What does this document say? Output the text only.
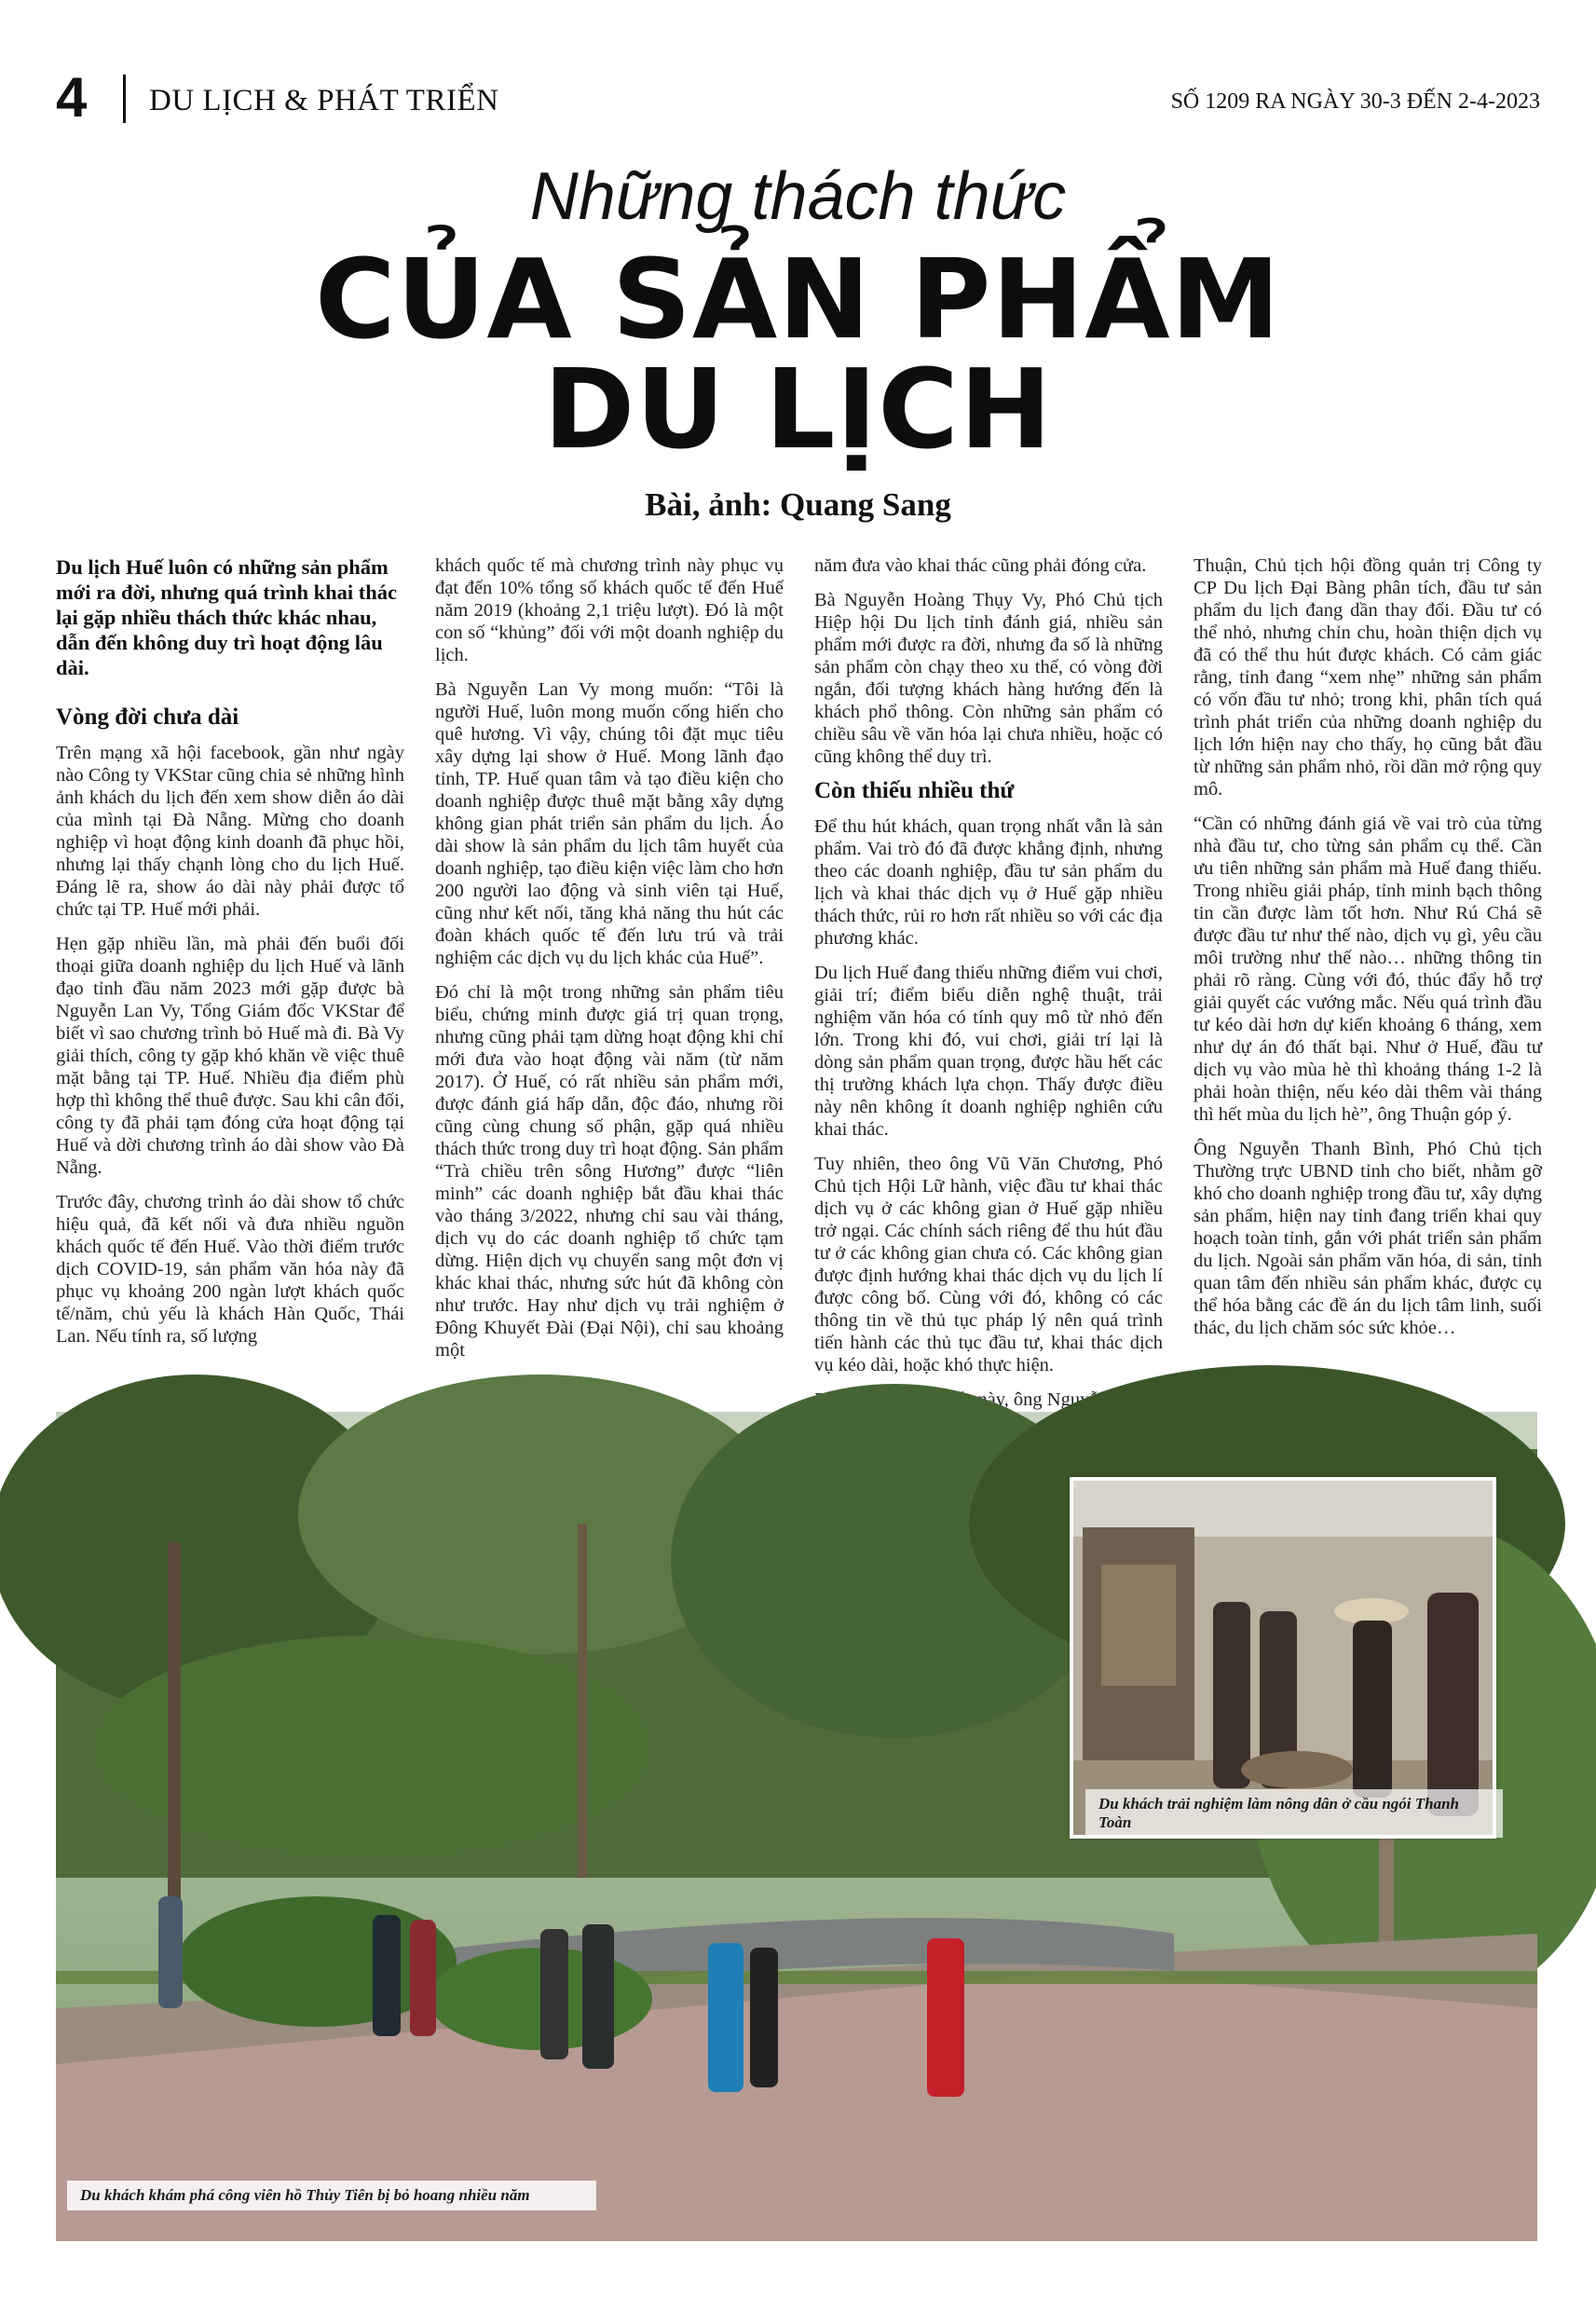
4 DU LỊCH & PHÁT TRIỂN	SỐ 1209 RA NGÀY 30-3 ĐẾN 2-4-2023
Những thách thức
CỦA SẢN PHẨM
DU LỊCH
Bài, ảnh: Quang Sang

Du lịch Huế luôn có những sản phẩm mới ra đời, nhưng quá trình khai thác lại gặp nhiều thách thức khác nhau, dẫn đến không duy trì hoạt động lâu dài.

Vòng đời chưa dài

Trên mạng xã hội facebook, gần như ngày nào Công ty VKStar cũng chia sẻ những hình ảnh khách du lịch đến xem show diễn áo dài của mình tại Đà Nẵng. Mừng cho doanh nghiệp vì hoạt động kinh doanh đã phục hồi, nhưng lại thấy chạnh lòng cho du lịch Huế. Đáng lẽ ra, show áo dài này phải được tổ chức tại TP. Huế mới phải.

Hẹn gặp nhiều lần, mà phải đến buổi đối thoại giữa doanh nghiệp du lịch Huế và lãnh đạo tỉnh đầu năm 2023 mới gặp được bà Nguyễn Lan Vy, Tổng Giám đốc VKStar để biết vì sao chương trình bỏ Huế mà đi. Bà Vy giải thích, công ty gặp khó khăn về việc thuê mặt bằng tại TP. Huế. Nhiều địa điểm phù hợp thì không thể thuê được. Sau khi cân đối, công ty đã phải tạm đóng cửa hoạt động tại Huế và dời chương trình áo dài show vào Đà Nẵng.

Trước đây, chương trình áo dài show tổ chức hiệu quả, đã kết nối và đưa nhiều nguồn khách quốc tế đến Huế. Vào thời điểm trước dịch COVID-19, sản phẩm văn hóa này đã phục vụ khoảng 200 ngàn lượt khách quốc tế/năm, chủ yếu là khách Hàn Quốc, Thái Lan. Nếu tính ra, số lượng

khách quốc tế mà chương trình này phục vụ đạt đến 10% tổng số khách quốc tế đến Huế năm 2019 (khoảng 2,1 triệu lượt). Đó là một con số “khủng” đối với một doanh nghiệp du lịch.

Bà Nguyễn Lan Vy mong muốn: “Tôi là người Huế, luôn mong muốn cống hiến cho quê hương. Vì vậy, chúng tôi đặt mục tiêu xây dựng lại show ở Huế. Mong lãnh đạo tỉnh, TP. Huế quan tâm và tạo điều kiện cho doanh nghiệp được thuê mặt bằng xây dựng không gian phát triển sản phẩm du lịch. Áo dài show là sản phẩm du lịch tâm huyết của doanh nghiệp, tạo điều kiện việc làm cho hơn 200 người lao động và sinh viên tại Huế, cũng như kết nối, tăng khả năng thu hút các đoàn khách quốc tế đến lưu trú và trải nghiệm các dịch vụ du lịch khác của Huế”.

Đó chỉ là một trong những sản phẩm tiêu biểu, chứng minh được giá trị quan trọng, nhưng cũng phải tạm dừng hoạt động khi chỉ mới đưa vào hoạt động vài năm (từ năm 2017). Ở Huế, có rất nhiều sản phẩm mới, được đánh giá hấp dẫn, độc đáo, nhưng rồi cũng cùng chung số phận, gặp quá nhiều thách thức trong duy trì hoạt động. Sản phẩm “Trà chiều trên sông Hương” được “liên minh” các doanh nghiệp bắt đầu khai thác vào tháng 3/2022, nhưng chỉ sau vài tháng, dịch vụ do các doanh nghiệp tổ chức tạm dừng. Hiện dịch vụ chuyển sang một đơn vị khác khai thác, nhưng sức hút đã không còn như trước. Hay như dịch vụ trải nghiệm ở Đông Khuyết Đài (Đại Nội), chỉ sau khoảng một

năm đưa vào khai thác cũng phải đóng cửa.

Bà Nguyễn Hoàng Thụy Vy, Phó Chủ tịch Hiệp hội Du lịch tỉnh đánh giá, nhiều sản phẩm mới được ra đời, nhưng đa số là những sản phẩm còn chạy theo xu thế, có vòng đời ngắn, đối tượng khách hàng hướng đến là khách phổ thông. Còn những sản phẩm có chiều sâu về văn hóa lại chưa nhiều, hoặc có cũng không thể duy trì.

Còn thiếu nhiều thứ

Để thu hút khách, quan trọng nhất vẫn là sản phẩm. Vai trò đó đã được khẳng định, nhưng theo các doanh nghiệp, đầu tư sản phẩm du lịch và khai thác dịch vụ ở Huế gặp nhiều thách thức, rủi ro hơn rất nhiều so với các địa phương khác.

Du lịch Huế đang thiếu những điểm vui chơi, giải trí; điểm biểu diễn nghệ thuật, trải nghiệm văn hóa có tính quy mô từ nhỏ đến lớn. Trong khi đó, vui chơi, giải trí lại là dòng sản phẩm quan trọng, được hầu hết các thị trường khách lựa chọn. Thấy được điều này nên không ít doanh nghiệp nghiên cứu khai thác.

Tuy nhiên, theo ông Vũ Văn Chương, Phó Chủ tịch Hội Lữ hành, việc đầu tư khai thác dịch vụ ở các không gian ở Huế gặp nhiều trở ngại. Các chính sách riêng để thu hút đầu tư ở các không gian chưa có. Các không gian được định hướng khai thác dịch vụ du lịch lí được công bố. Cùng với đó, không có các thông tin về thủ tục pháp lý nên quá trình tiến hành các thủ tục đầu tư, khai thác dịch vụ kéo dài, hoặc khó thực hiện.

này, ông Nguyễn

Thuận, Chủ tịch hội đồng quản trị Công ty CP Du lịch Đại Bàng phân tích, đầu tư sản phẩm du lịch đang dần thay đổi. Đầu tư có thể nhỏ, nhưng chỉn chu, hoàn thiện dịch vụ đã có thể thu hút được khách. Có cảm giác rằng, tỉnh đang “xem nhẹ” những sản phẩm có vốn đầu tư nhỏ; trong khi, phân tích quá trình phát triển của những doanh nghiệp du lịch lớn hiện nay cho thấy, họ cũng bắt đầu từ những sản phẩm nhỏ, rồi dần mở rộng quy mô.

“Cần có những đánh giá về vai trò của từng nhà đầu tư, cho từng sản phẩm cụ thể. Cần ưu tiên những sản phẩm mà Huế đang thiếu. Trong nhiều giải pháp, tỉnh minh bạch thông tin cần được làm tốt hơn. Như Rú Chá sẽ được đầu tư như thế nào, dịch vụ gì, yêu cầu môi trường như thế nào… những thông tin phải rõ ràng. Cùng với đó, thúc đẩy hỗ trợ giải quyết các vướng mắc. Nếu quá trình đầu tư kéo dài hơn dự kiến khoảng 6 tháng, xem như dự án đó thất bại. Như ở Huế, đầu tư dịch vụ vào mùa hè thì khoảng tháng 1-2 là phải hoàn thiện, nếu kéo dài thêm vài tháng thì hết mùa du lịch hè”, ông Thuận góp ý.

Ông Nguyễn Thanh Bình, Phó Chủ tịch Thường trực UBND tỉnh cho biết, nhằm gỡ khó cho doanh nghiệp trong đầu tư, xây dựng sản phẩm, hiện nay tỉnh đang triển khai quy hoạch toàn tỉnh, gắn với phát triển sản phẩm du lịch. Ngoài sản phẩm văn hóa, di sản, tỉnh quan tâm đến nhiều sản phẩm khác, được cụ thể hóa bằng các đề án du lịch tâm linh, suối thác, du lịch chăm sóc sức khỏe…

Du khách trải nghiệm làm nông dân ở cầu ngói Thanh Toàn
Du khách khám phá công viên hồ Thủy Tiên bị bỏ hoang nhiều năm
